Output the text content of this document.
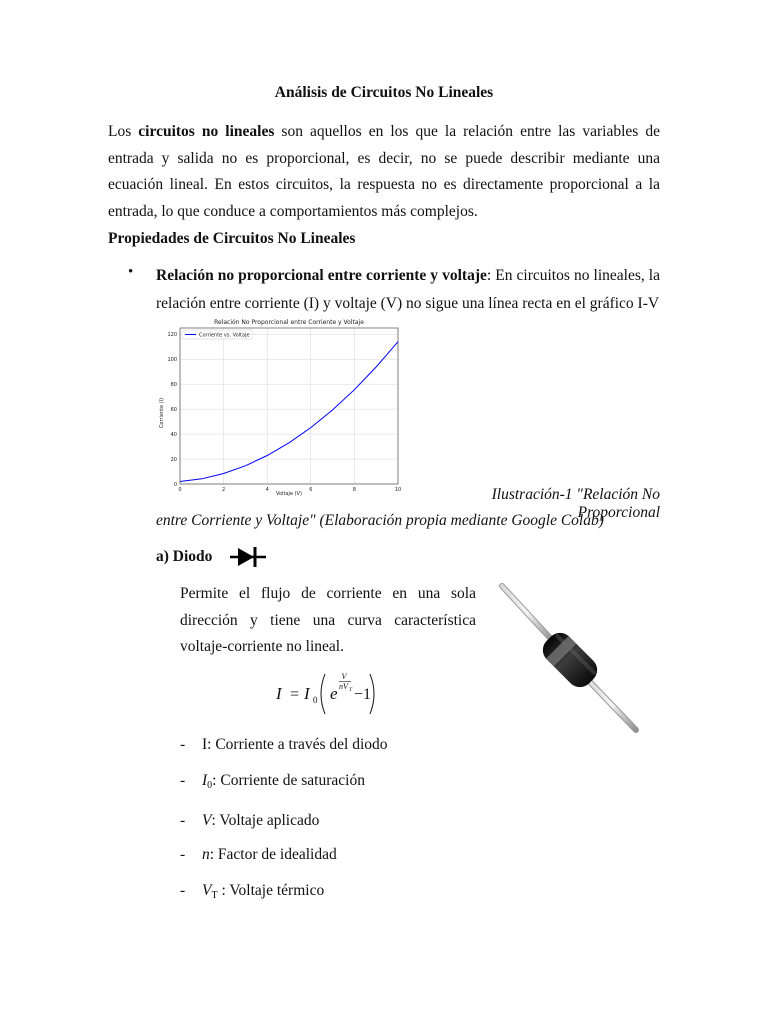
Análisis de Circuitos No Lineales
Los circuitos no lineales son aquellos en los que la relación entre las variables de entrada y salida no es proporcional, es decir, no se puede describir mediante una ecuación lineal. En estos circuitos, la respuesta no es directamente proporcional a la entrada, lo que conduce a comportamientos más complejos.
Propiedades de Circuitos No Lineales
• Relación no proporcional entre corriente y voltaje: En circuitos no lineales, la relación entre corriente (I) y voltaje (V) no sigue una línea recta en el gráfico I-V
Relación No Proporcional entre Corriente y Voltaje
Corriente (I)
Voltaje (V)
0	2	4	6	8	10
0
20
40
60
80
100
120	Corriente vs. Voltaje
Ilustración-1 "Relación No Proporcional
entre Corriente y Voltaje" (Elaboración propia mediante Google Colab)
a) Diodo
Permite el flujo de corriente en una sola dirección y tiene una curva característica voltaje-corriente no lineal.
I = I 0 e
V
nV T −1
- I: Corriente a través del diodo
- $I_0$: Corriente de saturación
- V: Voltaje aplicado
- n: Factor de idealidad
- $V_T$ : Voltaje térmico
